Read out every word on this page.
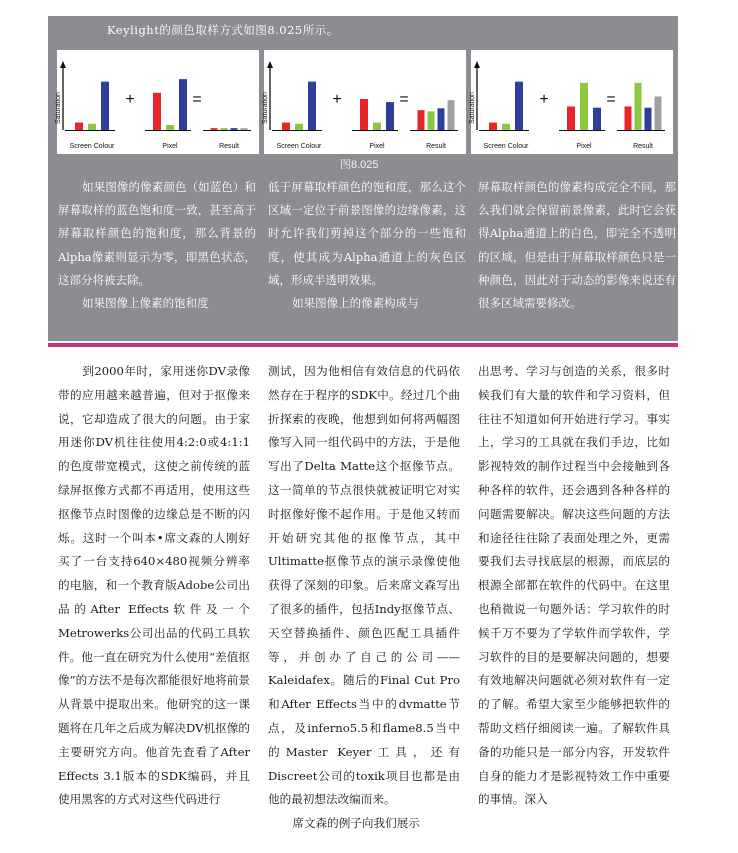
Keylight的颜色取样方式如图8.025所示。
Saturation
Screen Colour	Pixel	Result
+	=	Saturation
Screen Colour	Pixel	Result
+	=	Saturation
Screen Colour	Pixel	Result
+	=
图8.025

如果图像的像素颜色（如蓝色）和屏幕取样的蓝色饱和度一致，甚至高于屏幕取样颜色的饱和度，那么背景的Alpha像素则显示为零，即黑色状态，这部分将被去除。

如果图像上像素的饱和度

低于屏幕取样颜色的饱和度，那么这个区域一定位于前景图像的边缘像素，这时允许我们剪掉这个部分的一些饱和度，使其成为Alpha通道上的灰色区域，形成半透明效果。

如果图像上的像素构成与

屏幕取样颜色的像素构成完全不同，那么我们就会保留前景像素，此时它会获得Alpha通道上的白色，即完全不透明的区域，但是由于屏幕取样颜色只是一种颜色，因此对于动态的影像来说还有很多区域需要修改。

到2000年时，家用迷你DV录像带的应用越来越普遍，但对于抠像来说，它却造成了很大的问题。由于家用迷你DV机往往使用4:2:0或4:1:1的色度带宽模式，这使之前传统的蓝绿屏抠像方式都不再适用，使用这些抠像节点时图像的边缘总是不断的闪烁。这时一个叫本•席文森的人刚好买了一台支持640×480视频分辨率的电脑，和一个教育版Adobe公司出品的After Effects软件及一个Metrowerks公司出品的代码工具软件。他一直在研究为什么使用“差值抠像”的方法不是每次都能很好地将前景从背景中提取出来。他研究的这一课题将在几年之后成为解决DV机抠像的主要研究方向。他首先查看了After Effects 3.1版本的SDK编码，并且使用黑客的方式对这些代码进行

测试，因为他相信有效信息的代码依然存在于程序的SDK中。经过几个曲折探索的夜晚，他想到如何将两幅图像写入同一组代码中的方法，于是他写出了Delta Matte这个抠像节点。这一简单的节点很快就被证明它对实时抠像好像不起作用。于是他又转而开始研究其他的抠像节点，其中Ultimatte抠像节点的演示录像使他获得了深刻的印象。后来席文森写出了很多的插件，包括Indy抠像节点、天空替换插件、颜色匹配工具插件等，并创办了自己的公司——Kaleidafex。随后的Final Cut Pro和After Effects当中的dvmatte节点，及inferno5.5和flame8.5当中的Master Keyer工具，还有Discreet公司的toxik项目也都是由他的最初想法改编而来。

席文森的例子向我们展示

出思考、学习与创造的关系，很多时候我们有大量的软件和学习资料，但往往不知道如何开始进行学习。事实上，学习的工具就在我们手边，比如影视特效的制作过程当中会接触到各种各样的软件，还会遇到各种各样的问题需要解决。解决这些问题的方法和途径往往除了表面处理之外，更需要我们去寻找底层的根源，而底层的根源全部都在软件的代码中。在这里也稍微说一句题外话：学习软件的时候千万不要为了学软件而学软件，学习软件的目的是要解决问题的，想要有效地解决问题就必须对软件有一定的了解。希望大家至少能够把软件的帮助文档仔细阅读一遍。了解软件具备的功能只是一部分内容，开发软件自身的能力才是影视特效工作中重要的事情。深入
